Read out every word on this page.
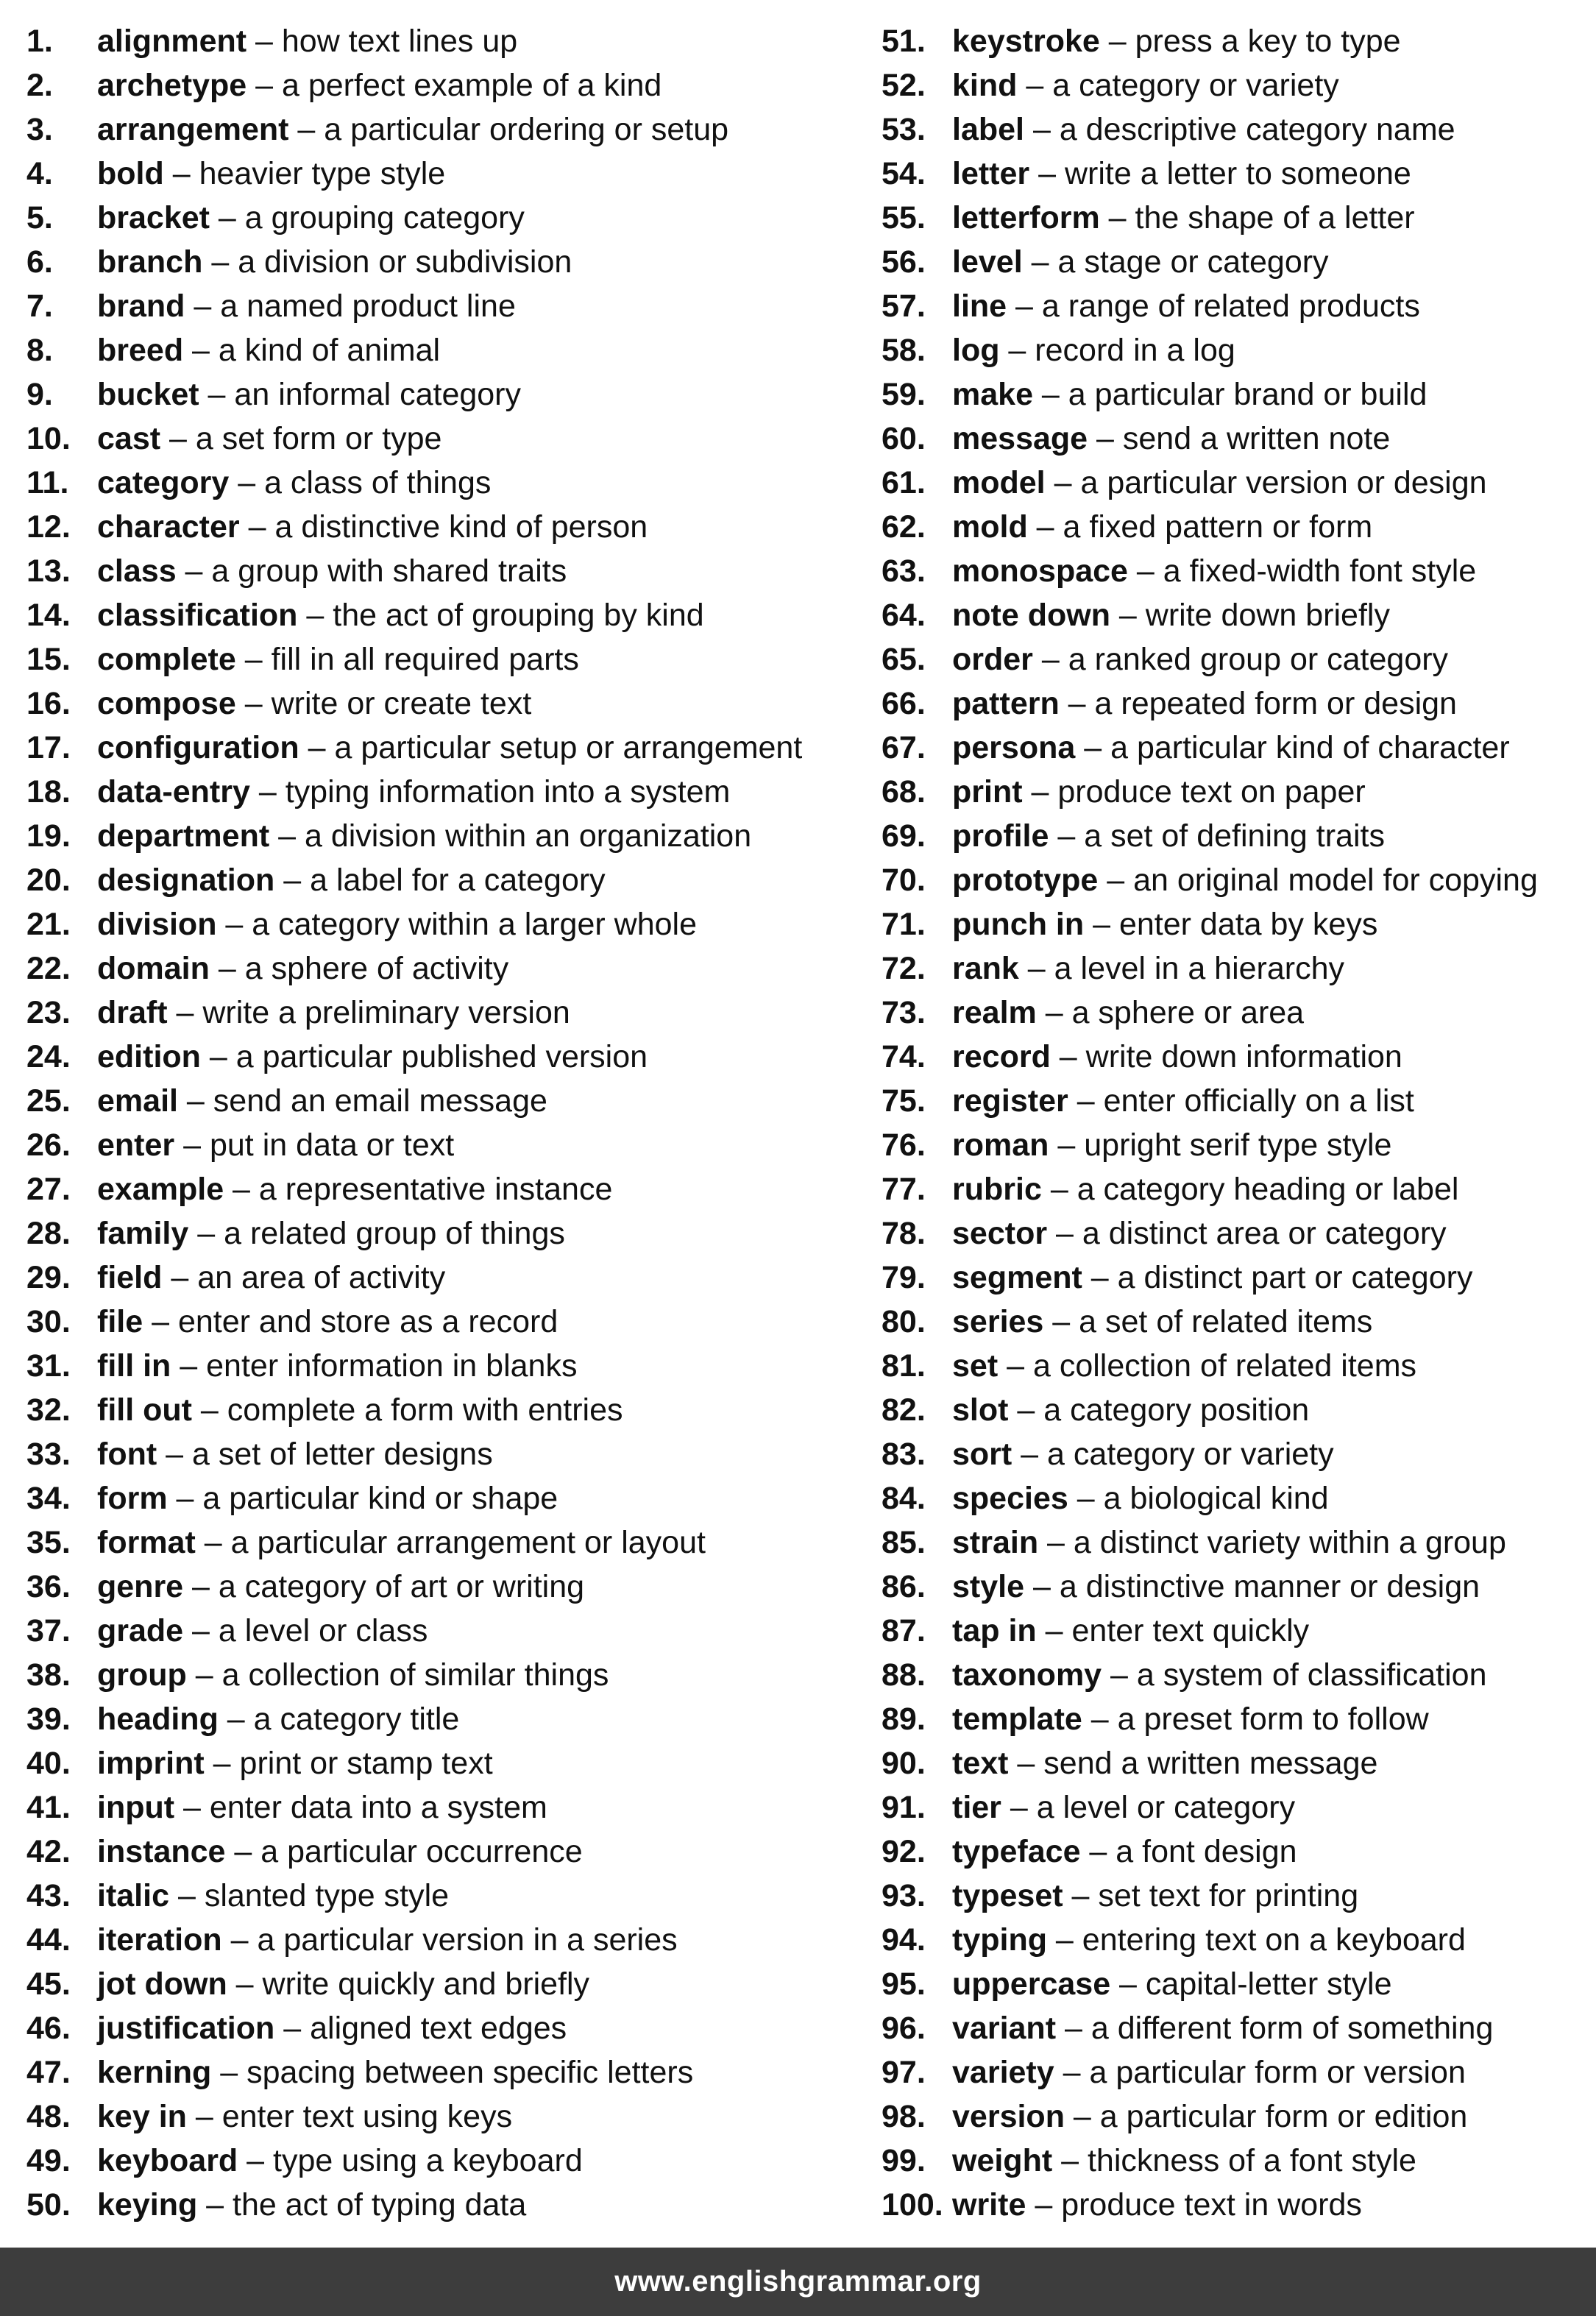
1. alignment – how text lines up
2. archetype – a perfect example of a kind
3. arrangement – a particular ordering or setup
4. bold – heavier type style
5. bracket – a grouping category
6. branch – a division or subdivision
7. brand – a named product line
8. breed – a kind of animal
9. bucket – an informal category
10. cast – a set form or type
11. category – a class of things
12. character – a distinctive kind of person
13. class – a group with shared traits
14. classification – the act of grouping by kind
15. complete – fill in all required parts
16. compose – write or create text
17. configuration – a particular setup or arrangement
18. data-entry – typing information into a system
19. department – a division within an organization
20. designation – a label for a category
21. division – a category within a larger whole
22. domain – a sphere of activity
23. draft – write a preliminary version
24. edition – a particular published version
25. email – send an email message
26. enter – put in data or text
27. example – a representative instance
28. family – a related group of things
29. field – an area of activity
30. file – enter and store as a record
31. fill in – enter information in blanks
32. fill out – complete a form with entries
33. font – a set of letter designs
34. form – a particular kind or shape
35. format – a particular arrangement or layout
36. genre – a category of art or writing
37. grade – a level or class
38. group – a collection of similar things
39. heading – a category title
40. imprint – print or stamp text
41. input – enter data into a system
42. instance – a particular occurrence
43. italic – slanted type style
44. iteration – a particular version in a series
45. jot down – write quickly and briefly
46. justification – aligned text edges
47. kerning – spacing between specific letters
48. key in – enter text using keys
49. keyboard – type using a keyboard
50. keying – the act of typing data
51. keystroke – press a key to type
52. kind – a category or variety
53. label – a descriptive category name
54. letter – write a letter to someone
55. letterform – the shape of a letter
56. level – a stage or category
57. line – a range of related products
58. log – record in a log
59. make – a particular brand or build
60. message – send a written note
61. model – a particular version or design
62. mold – a fixed pattern or form
63. monospace – a fixed-width font style
64. note down – write down briefly
65. order – a ranked group or category
66. pattern – a repeated form or design
67. persona – a particular kind of character
68. print – produce text on paper
69. profile – a set of defining traits
70. prototype – an original model for copying
71. punch in – enter data by keys
72. rank – a level in a hierarchy
73. realm – a sphere or area
74. record – write down information
75. register – enter officially on a list
76. roman – upright serif type style
77. rubric – a category heading or label
78. sector – a distinct area or category
79. segment – a distinct part or category
80. series – a set of related items
81. set – a collection of related items
82. slot – a category position
83. sort – a category or variety
84. species – a biological kind
85. strain – a distinct variety within a group
86. style – a distinctive manner or design
87. tap in – enter text quickly
88. taxonomy – a system of classification
89. template – a preset form to follow
90. text – send a written message
91. tier – a level or category
92. typeface – a font design
93. typeset – set text for printing
94. typing – entering text on a keyboard
95. uppercase – capital-letter style
96. variant – a different form of something
97. variety – a particular form or version
98. version – a particular form or edition
99. weight – thickness of a font style
100. write – produce text in words
www.englishgrammar.org
